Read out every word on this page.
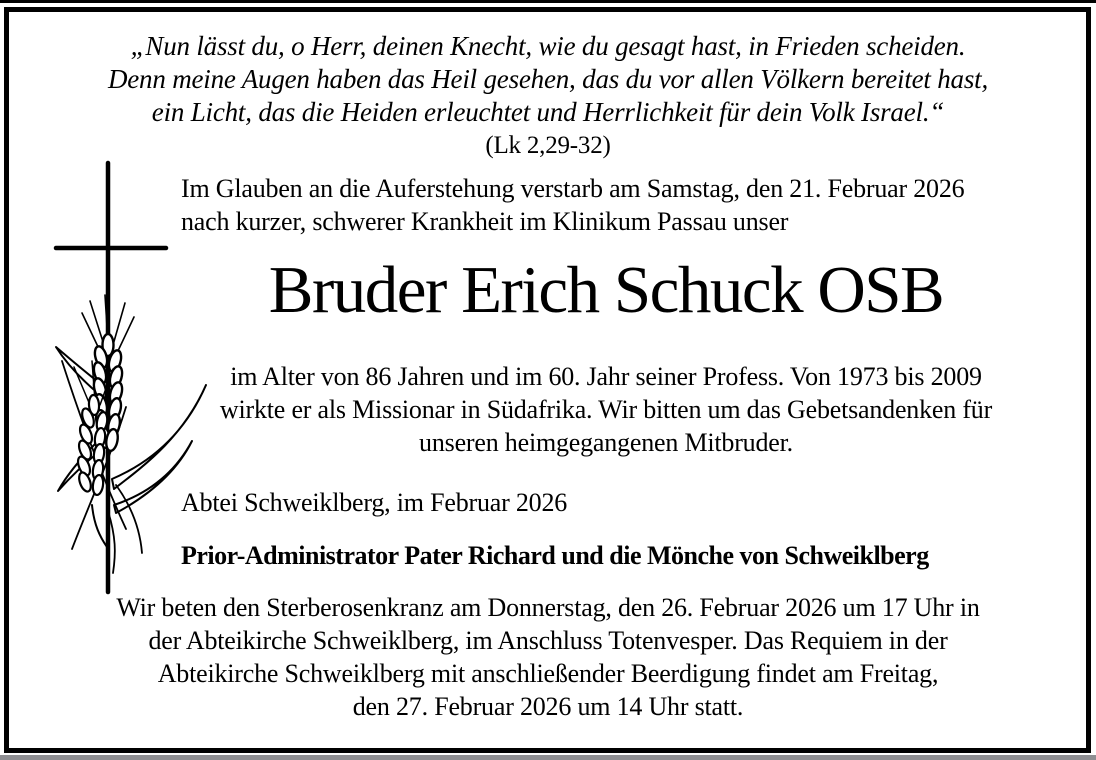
„Nun lässt du, o Herr, deinen Knecht, wie du gesagt hast, in Frieden scheiden.
Denn meine Augen haben das Heil gesehen, das du vor allen Völkern bereitet hast,
ein Licht, das die Heiden erleuchtet und Herrlichkeit für dein Volk Israel.“
(Lk 2,29-32)
Im Glauben an die Auferstehung verstarb am Samstag, den 21. Februar 2026
nach kurzer, schwerer Krankheit im Klinikum Passau unser
Bruder Erich Schuck OSB
im Alter von 86 Jahren und im 60. Jahr seiner Profess. Von 1973 bis 2009
wirkte er als Missionar in Südafrika. Wir bitten um das Gebetsandenken für
unseren heimgegangenen Mitbruder.
Abtei Schweiklberg, im Februar 2026
Prior-Administrator Pater Richard und die Mönche von Schweiklberg
Wir beten den Sterberosenkranz am Donnerstag, den 26. Februar 2026 um 17 Uhr in
der Abteikirche Schweiklberg, im Anschluss Totenvesper. Das Requiem in der
Abteikirche Schweiklberg mit anschließender Beerdigung findet am Freitag,
den 27. Februar 2026 um 14 Uhr statt.
